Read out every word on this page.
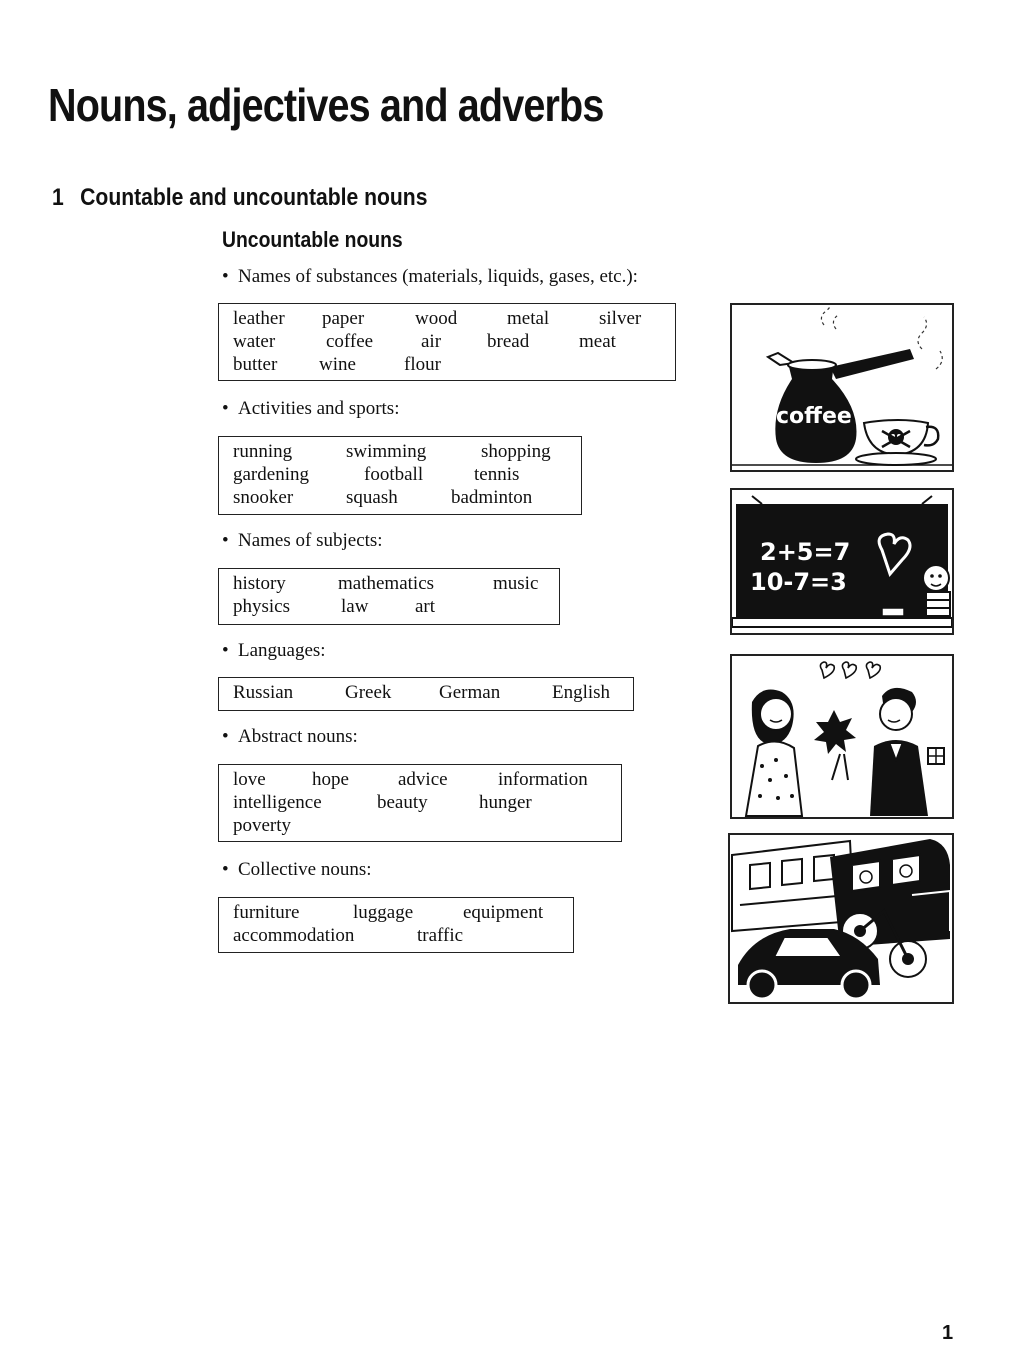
Nouns, adjectives and adverbs
1 Countable and uncountable nouns
Uncountable nouns

• Names of substances (materials, liquids, gases, etc.):

leather	paper	wood	metal	silver
water	coffee	air	bread	meat
butter	wine	flour

• Activities and sports:

running	swimming	shopping
gardening	football	tennis
snooker	squash	badminton

• Names of subjects:

history	mathematics	music
physics	law	art

• Languages:

Russian	Greek	German	English

• Abstract nouns:

love	hope	advice	information
intelligence	beauty	hunger
poverty

• Collective nouns:

furniture	luggage	equipment
accommodation	traffic
coffee
2+5=7
10-7=3
1
